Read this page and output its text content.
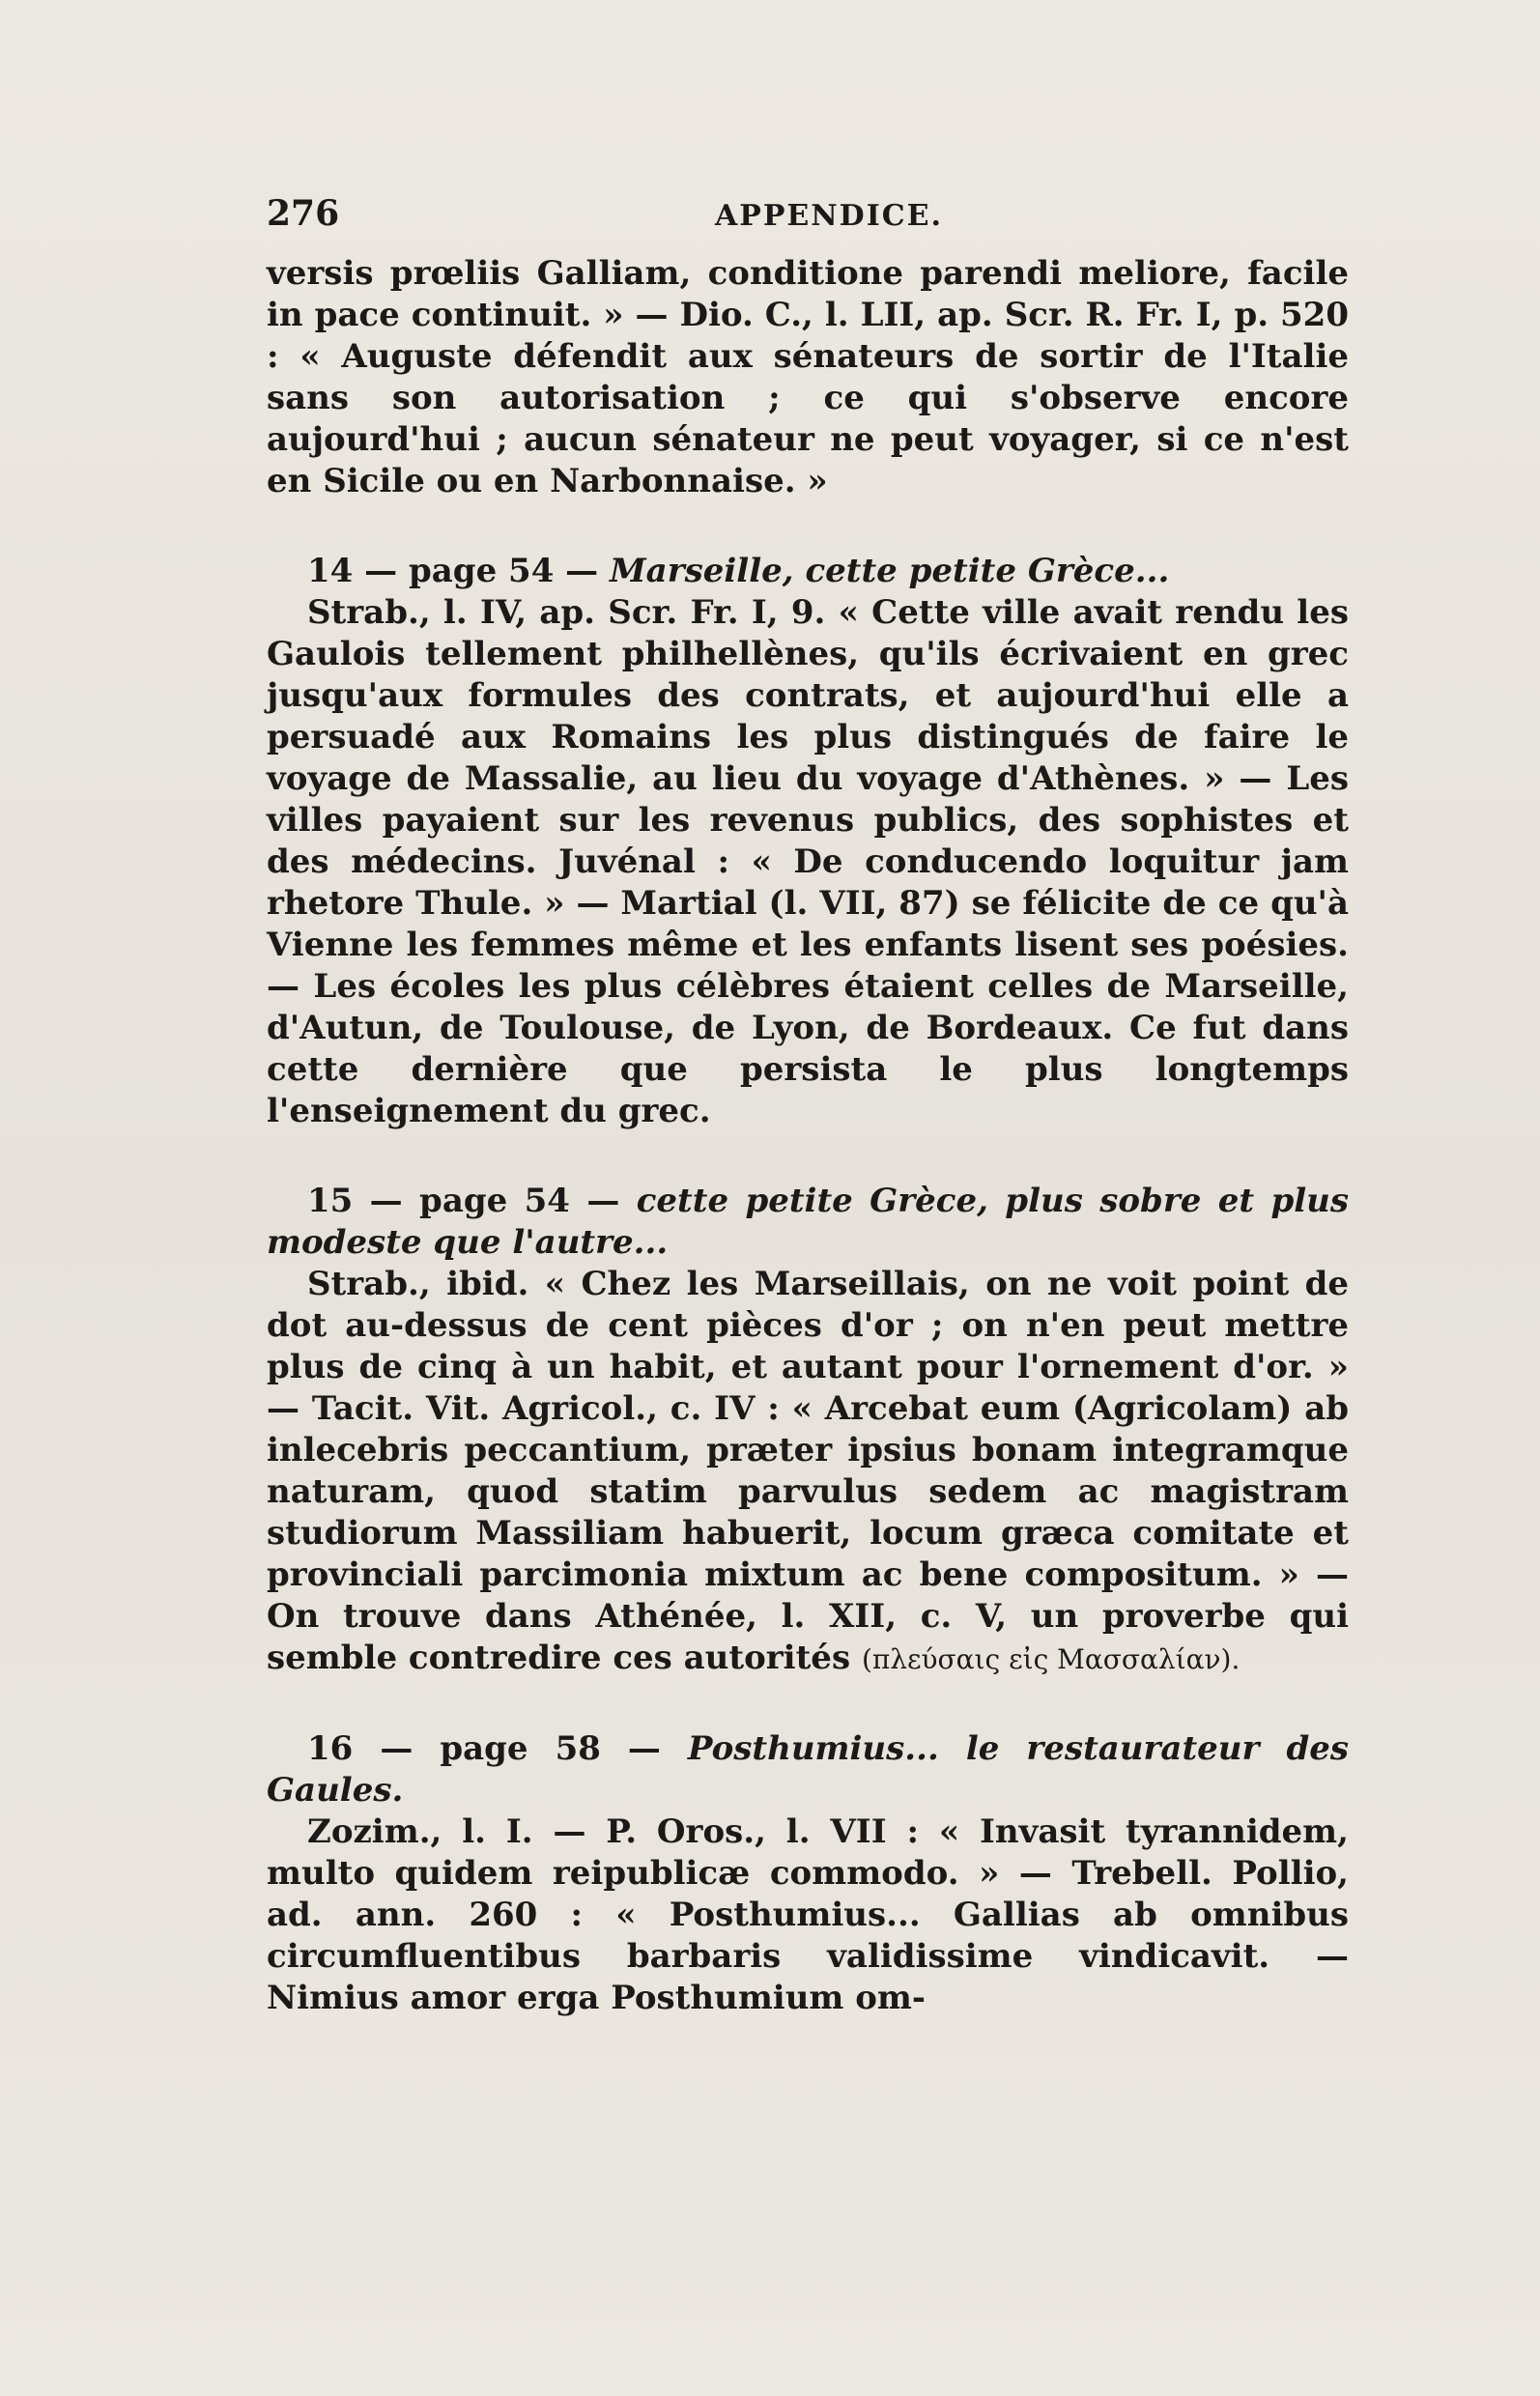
276	APPENDICE.

versis prœliis Galliam, conditione parendi meliore, facile in pace continuit. » — Dio. C., l. LII, ap. Scr. R. Fr. I, p. 520 : « Auguste défendit aux sénateurs de sortir de l'Italie sans son autorisation ; ce qui s'observe encore aujourd'hui ; aucun sénateur ne peut voyager, si ce n'est en Sicile ou en Narbonnaise. »

14 — page 54 — Marseille, cette petite Grèce...

Strab., l. IV, ap. Scr. Fr. I, 9. « Cette ville avait rendu les Gaulois tellement philhellènes, qu'ils écrivaient en grec jusqu'aux formules des contrats, et aujourd'hui elle a persuadé aux Romains les plus distingués de faire le voyage de Massalie, au lieu du voyage d'Athènes. » — Les villes payaient sur les revenus publics, des sophistes et des médecins. Juvénal : « De conducendo loquitur jam rhetore Thule. » — Martial (l. VII, 87) se félicite de ce qu'à Vienne les femmes même et les enfants lisent ses poésies. — Les écoles les plus célèbres étaient celles de Marseille, d'Autun, de Toulouse, de Lyon, de Bordeaux. Ce fut dans cette dernière que persista le plus longtemps l'enseignement du grec.

15 — page 54 — cette petite Grèce, plus sobre et plus modeste que l'autre...

Strab., ibid. « Chez les Marseillais, on ne voit point de dot au-dessus de cent pièces d'or ; on n'en peut mettre plus de cinq à un habit, et autant pour l'ornement d'or. » — Tacit. Vit. Agricol., c. IV : « Arcebat eum (Agricolam) ab inlecebris peccantium, præter ipsius bonam integramque naturam, quod statim parvulus sedem ac magistram studiorum Massiliam habuerit, locum græca comitate et provinciali parcimonia mixtum ac bene compositum. » — On trouve dans Athénée, l. XII, c. V, un proverbe qui semble contredire ces autorités (πλεύσαις εἰς Μασσαλίαν).

16 — page 58 — Posthumius... le restaurateur des Gaules.

Zozim., l. I. — P. Oros., l. VII : « Invasit tyrannidem, multo quidem reipublicæ commodo. » — Trebell. Pollio, ad. ann. 260 : « Posthumius... Gallias ab omnibus circumfluentibus barbaris validissime vindicavit. — Nimius amor erga Posthumium om-
